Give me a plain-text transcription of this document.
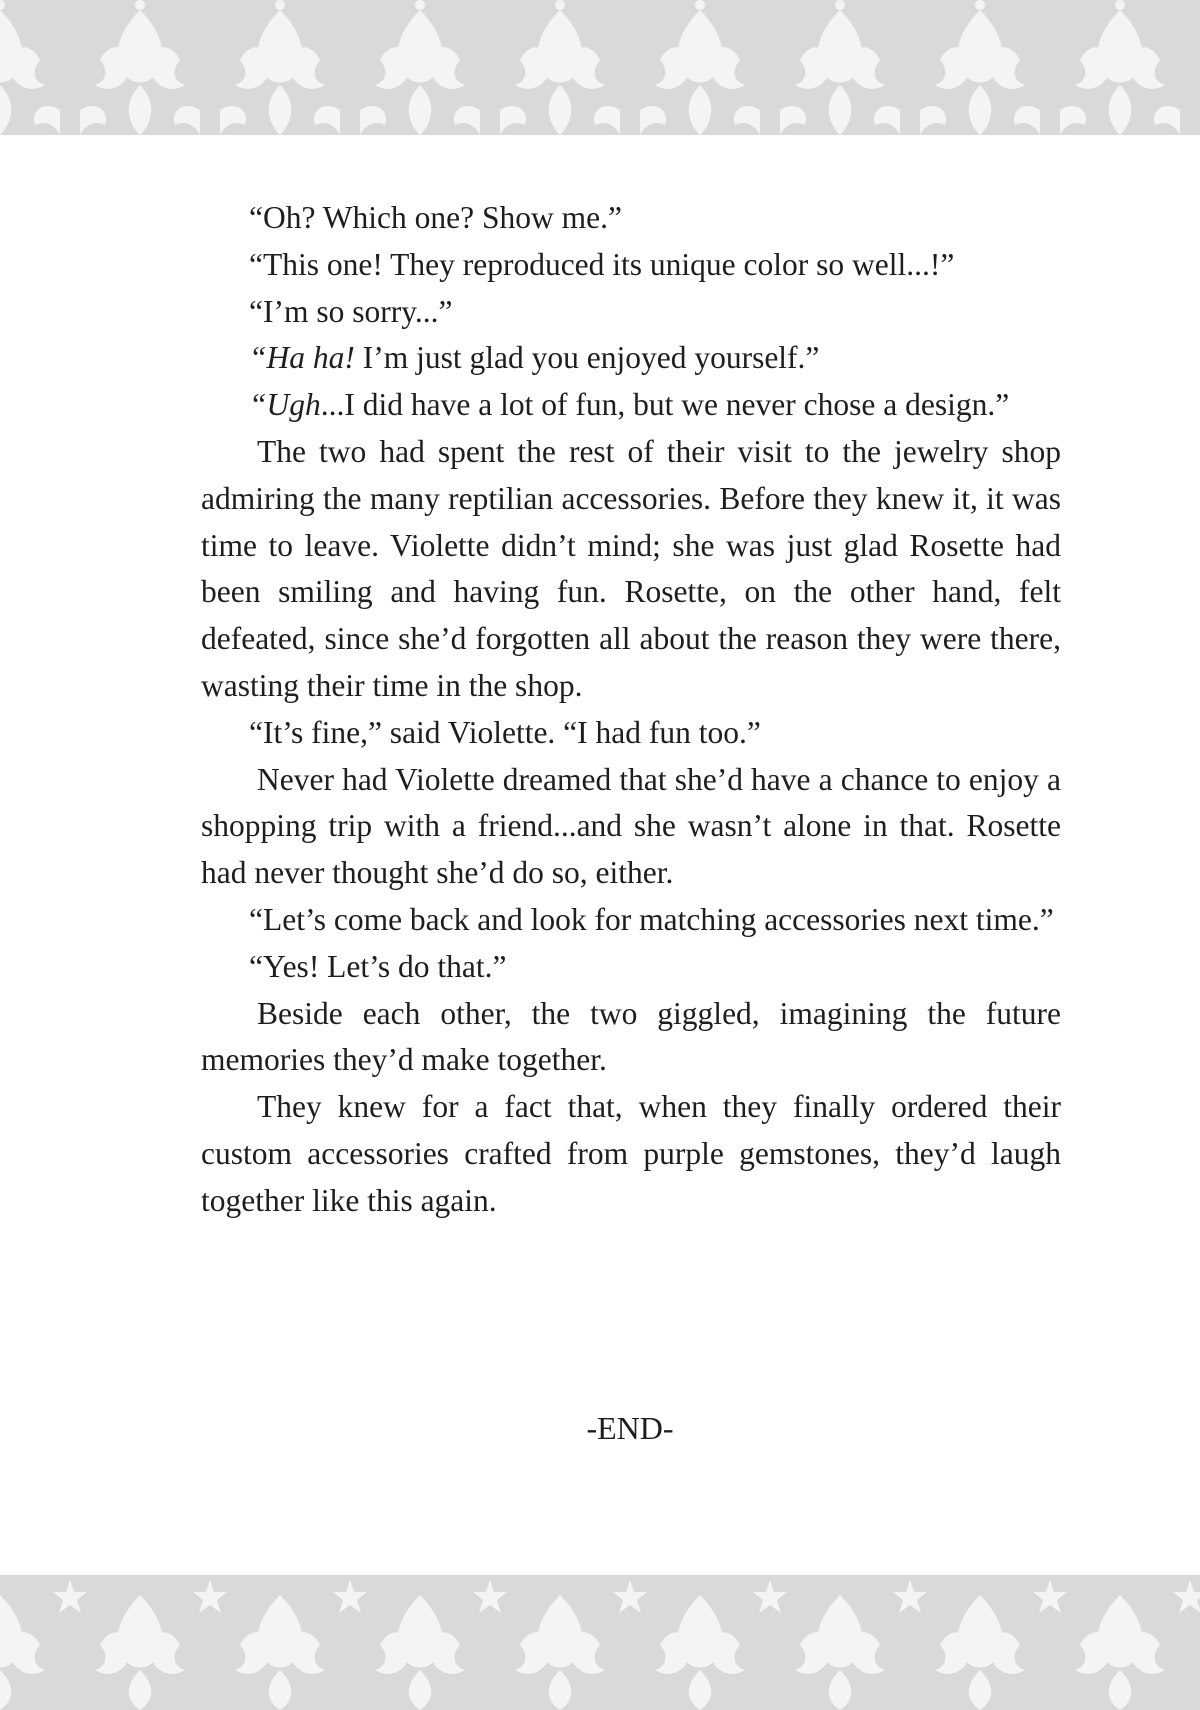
“Oh? Which one? Show me.”

“This one! They reproduced its unique color so well...!”

“I’m so sorry...”

“Ha ha! I’m just glad you enjoyed yourself.”

“Ugh...I did have a lot of fun, but we never chose a design.”

The two had spent the rest of their visit to the jewelry shop admiring the many reptilian accessories. Before they knew it, it was time to leave. Violette didn’t mind; she was just glad Rosette had been smiling and having fun. Rosette, on the other hand, felt defeated, since she’d forgotten all about the reason they were there, wasting their time in the shop.

“It’s fine,” said Violette. “I had fun too.”

Never had Violette dreamed that she’d have a chance to enjoy a shopping trip with a friend...and she wasn’t alone in that. Rosette had never thought she’d do so, either.

“Let’s come back and look for matching accessories next time.”

“Yes! Let’s do that.”

Beside each other, the two giggled, imagining the future memories they’d make together.

They knew for a fact that, when they finally ordered their custom accessories crafted from purple gemstones, they’d laugh together like this again.

-END-
